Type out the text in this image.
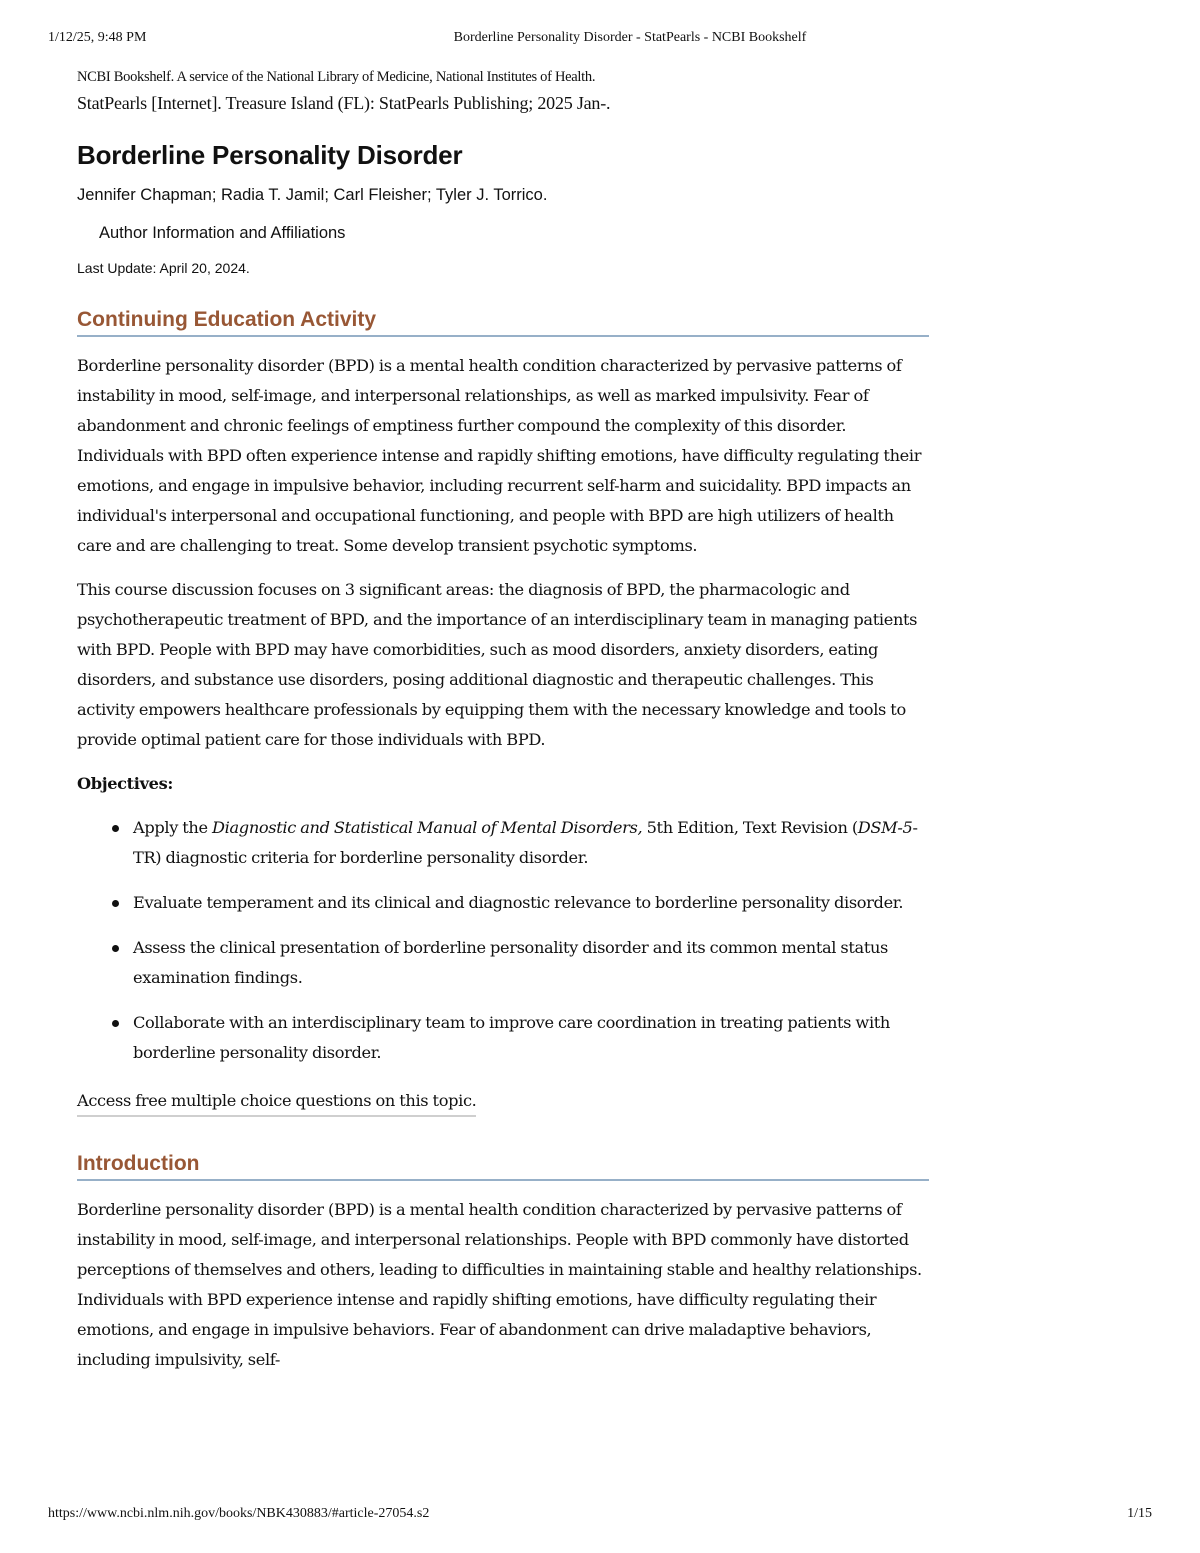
1/12/25, 9:48 PM	Borderline Personality Disorder - StatPearls - NCBI Bookshelf

NCBI Bookshelf. A service of the National Library of Medicine, National Institutes of Health.

StatPearls [Internet]. Treasure Island (FL): StatPearls Publishing; 2025 Jan-.

Borderline Personality Disorder

Jennifer Chapman; Radia T. Jamil; Carl Fleisher; Tyler J. Torrico.

Author Information and Affiliations

Last Update: April 20, 2024.

Continuing Education Activity

Borderline personality disorder (BPD) is a mental health condition characterized by pervasive patterns of instability in mood, self-image, and interpersonal relationships, as well as marked impulsivity. Fear of abandonment and chronic feelings of emptiness further compound the complexity of this disorder. Individuals with BPD often experience intense and rapidly shifting emotions, have difficulty regulating their emotions, and engage in impulsive behavior, including recurrent self-harm and suicidality. BPD impacts an individual's interpersonal and occupational functioning, and people with BPD are high utilizers of health care and are challenging to treat. Some develop transient psychotic symptoms.

This course discussion focuses on 3 significant areas: the diagnosis of BPD, the pharmacologic and psychotherapeutic treatment of BPD, and the importance of an interdisciplinary team in managing patients with BPD. People with BPD may have comorbidities, such as mood disorders, anxiety disorders, eating disorders, and substance use disorders, posing additional diagnostic and therapeutic challenges. This activity empowers healthcare professionals by equipping them with the necessary knowledge and tools to provide optimal patient care for those individuals with BPD.

Objectives:

Apply the Diagnostic and Statistical Manual of Mental Disorders, 5th Edition, Text Revision (DSM-5-TR) diagnostic criteria for borderline personality disorder.
Evaluate temperament and its clinical and diagnostic relevance to borderline personality disorder.
Assess the clinical presentation of borderline personality disorder and its common mental status examination findings.
Collaborate with an interdisciplinary team to improve care coordination in treating patients with borderline personality disorder.
Access free multiple choice questions on this topic.
Introduction

Borderline personality disorder (BPD) is a mental health condition characterized by pervasive patterns of instability in mood, self-image, and interpersonal relationships. People with BPD commonly have distorted perceptions of themselves and others, leading to difficulties in maintaining stable and healthy relationships. Individuals with BPD experience intense and rapidly shifting emotions, have difficulty regulating their emotions, and engage in impulsive behaviors. Fear of abandonment can drive maladaptive behaviors, including impulsivity, self-

https://www.ncbi.nlm.nih.gov/books/NBK430883/#article-27054.s2	1/15
